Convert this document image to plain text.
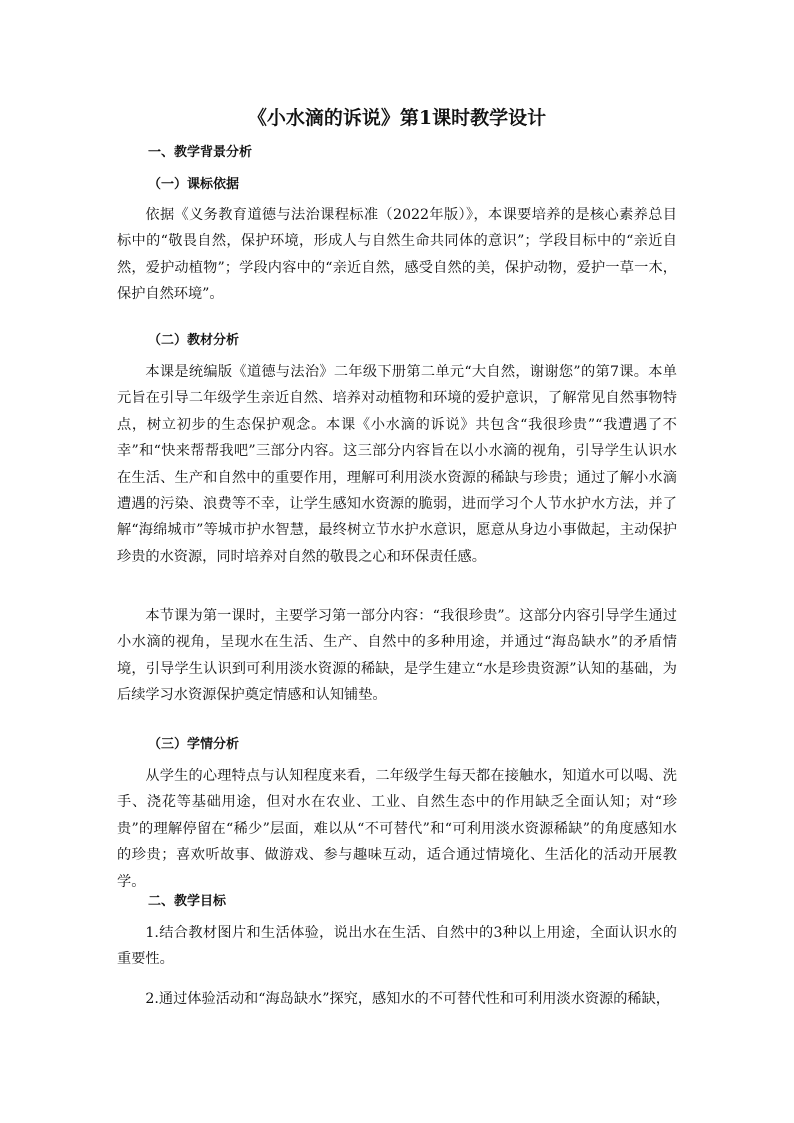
《小水滴的诉说》第1课时教学设计
一、教学背景分析
（一）课标依据
依据《义务教育道德与法治课程标准（2022年版）》，本课要培养的是核心素养总目标中的“敬畏自然，保护环境，形成人与自然生命共同体的意识”；学段目标中的“亲近自然，爱护动植物”；学段内容中的“亲近自然，感受自然的美，保护动物，爱护一草一木，保护自然环境”。
（二）教材分析
本课是统编版《道德与法治》二年级下册第二单元“大自然，谢谢您”的第7课。本单元旨在引导二年级学生亲近自然、培养对动植物和环境的爱护意识，了解常见自然事物特点，树立初步的生态保护观念。本课《小水滴的诉说》共包含“我很珍贵”“我遭遇了不幸”和“快来帮帮我吧”三部分内容。这三部分内容旨在以小水滴的视角，引导学生认识水在生活、生产和自然中的重要作用，理解可利用淡水资源的稀缺与珍贵；通过了解小水滴遭遇的污染、浪费等不幸，让学生感知水资源的脆弱，进而学习个人节水护水方法，并了解“海绵城市”等城市护水智慧，最终树立节水护水意识，愿意从身边小事做起，主动保护珍贵的水资源，同时培养对自然的敬畏之心和环保责任感。
本节课为第一课时，主要学习第一部分内容：“我很珍贵”。这部分内容引导学生通过小水滴的视角，呈现水在生活、生产、自然中的多种用途，并通过“海岛缺水”的矛盾情境，引导学生认识到可利用淡水资源的稀缺，是学生建立“水是珍贵资源”认知的基础，为后续学习水资源保护奠定情感和认知铺垫。
（三）学情分析
从学生的心理特点与认知程度来看，二年级学生每天都在接触水，知道水可以喝、洗手、浇花等基础用途，但对水在农业、工业、自然生态中的作用缺乏全面认知；对“珍贵”的理解停留在“稀少”层面，难以从“不可替代”和“可利用淡水资源稀缺”的角度感知水的珍贵；喜欢听故事、做游戏、参与趣味互动，适合通过情境化、生活化的活动开展教学。
二、教学目标
1.结合教材图片和生活体验，说出水在生活、自然中的3种以上用途，全面认识水的重要性。
2.通过体验活动和“海岛缺水”探究，感知水的不可替代性和可利用淡水资源的稀缺，
